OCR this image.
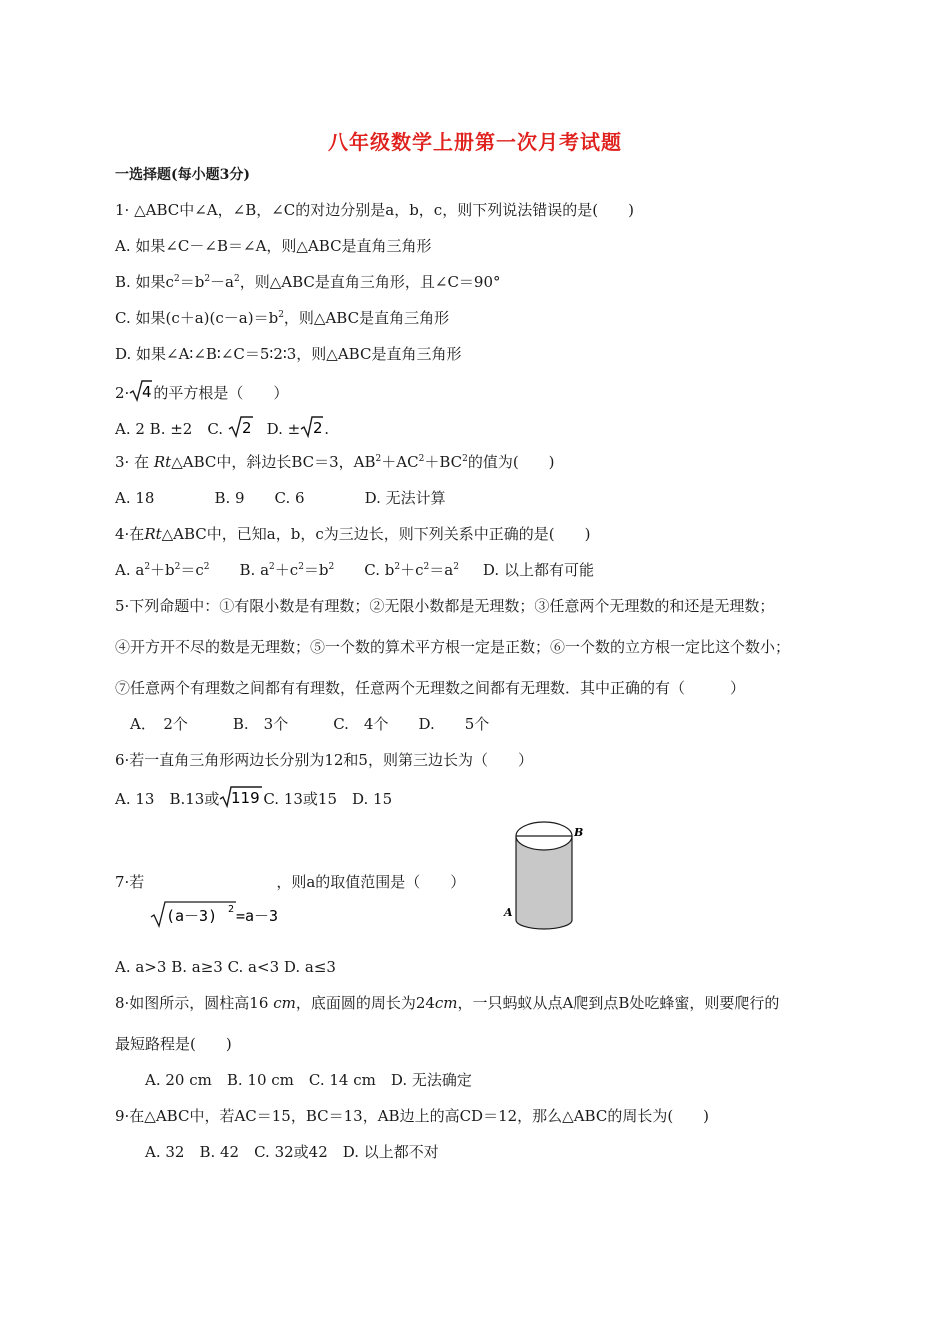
八年级数学上册第一次月考试题
一选择题(每小题3分)
1· △ABC中∠A，∠B，∠C的对边分别是a，b，c，则下列说法错误的是(　　)
A. 如果∠C－∠B＝∠A，则△ABC是直角三角形
B. 如果$c^2=b^2-a^2$，则△ABC是直角三角形，且∠C＝90°
C. 如果$(c+a)(c-a)=b^2$，则△ABC是直角三角形
D. 如果∠A∶∠B∶∠C＝5∶2∶3，则△ABC是直角三角形
2· 4 的平方根是（　　）
A. 2 B. ±2　C. 2 D. ± 2 .
3· 在 Rt△ABC中，斜边长BC＝3，$AB^2+AC^2+BC^2$的值为(　　)
A. 18　　　　B. 9　　C. 6　　　　D. 无法计算
4·在Rt△ABC中，已知a，b，c为三边长，则下列关系中正确的是(　　)
A. $a^2+b^2=c^2$ B. $a^2+c^2=b^2$ C. $b^2+c^2=a^2$ D. 以上都有可能
5·下列命题中：①有限小数是有理数；②无限小数都是无理数；③任意两个无理数的和还是无理数；
④开方开不尽的数是无理数；⑤一个数的算术平方根一定是正数；⑥一个数的立方根一定比这个数小；
⑦任意两个有理数之间都有有理数，任意两个无理数之间都有无理数．其中正确的有（　　　）
A．　2个　　　B.　3个　　　C.　4个　　D.　　5个
6·若一直角三角形两边长分别为12和5，则第三边长为（　　）
A. 13　B.13或 119 C. 13或15　D. 15
B
A
7·若	，则a的取值范围是（　　）
(a－3) 2 =a－3
A. a>3 B. a≥3 C. a<3 D. a≤3
8·如图所示，圆柱高16 cm，底面圆的周长为24cm，一只蚂蚁从点A爬到点B处吃蜂蜜，则要爬行的
最短路程是(　　)
A. 20 cm　B. 10 cm　C. 14 cm　D. 无法确定
9·在△ABC中，若AC＝15，BC＝13，AB边上的高CD＝12，那么△ABC的周长为(　　)
A. 32　B. 42　C. 32或42　D. 以上都不对
